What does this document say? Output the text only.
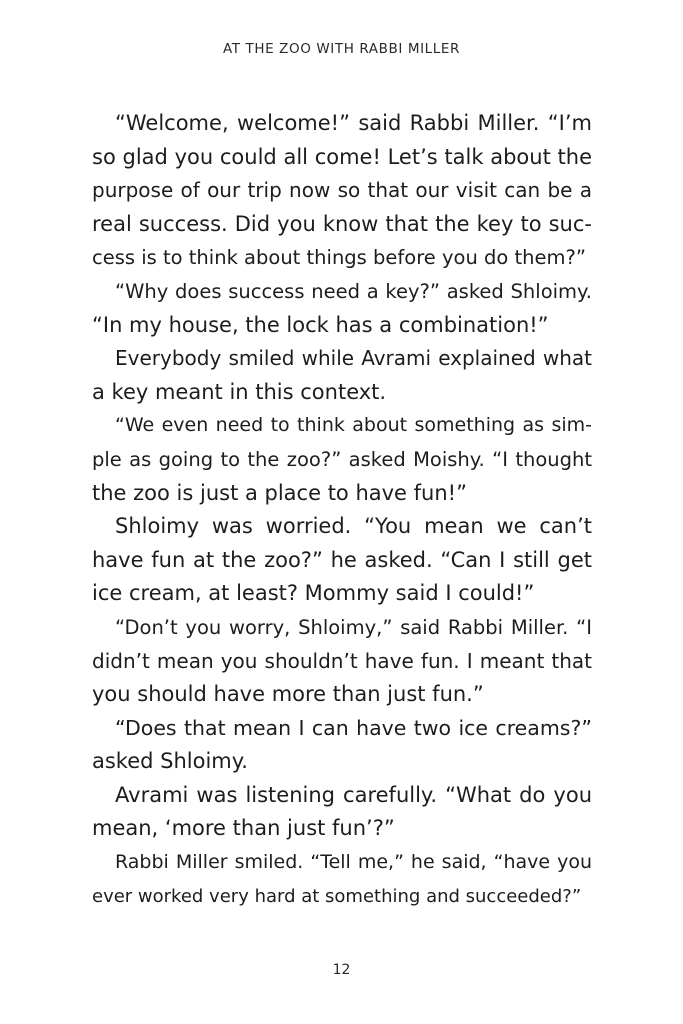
AT THE ZOO WITH RABBI MILLER
“Welcome, welcome!” said Rabbi Miller. “I’m
so glad you could all come! Let’s talk about the
purpose of our trip now so that our visit can be a
real success. Did you know that the key to suc-
cess is to think about things before you do them?”
“Why does success need a key?” asked Shloimy.
“In my house, the lock has a combination!”
Everybody smiled while Avrami explained what
a key meant in this context.
“We even need to think about something as sim-
ple as going to the zoo?” asked Moishy. “I thought
the zoo is just a place to have fun!”
Shloimy was worried. “You mean we can’t
have fun at the zoo?” he asked. “Can I still get
ice cream, at least? Mommy said I could!”
“Don’t you worry, Shloimy,” said Rabbi Miller. “I
didn’t mean you shouldn’t have fun. I meant that
you should have more than just fun.”
“Does that mean I can have two ice creams?”
asked Shloimy.
Avrami was listening carefully. “What do you
mean, ‘more than just fun’?”
Rabbi Miller smiled. “Tell me,” he said, “have you
ever worked very hard at something and succeeded?”
12
